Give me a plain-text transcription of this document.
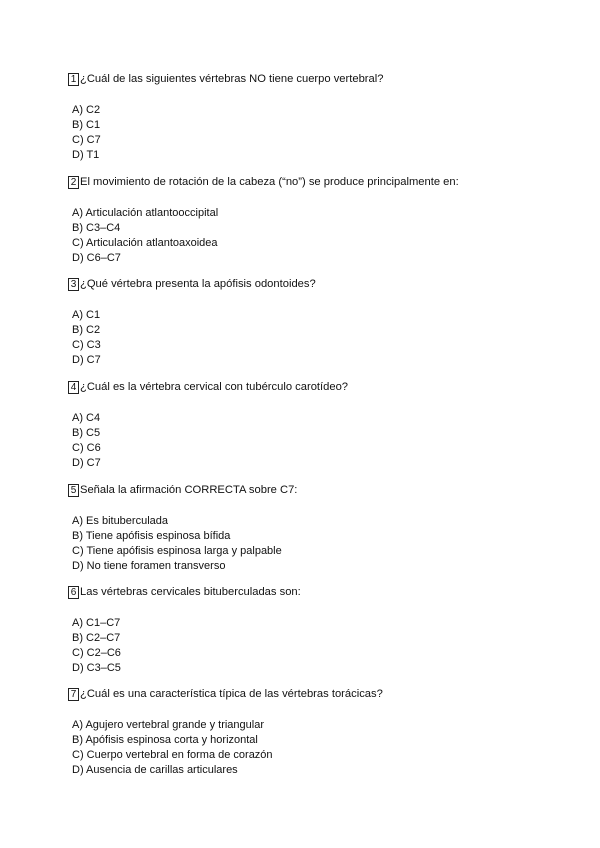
1 ¿Cuál de las siguientes vértebras NO tiene cuerpo vertebral?
A) C2
B) C1
C) C7
D) T1
2 El movimiento de rotación de la cabeza (“no”) se produce principalmente en:
A) Articulación atlantooccipital
B) C3–C4
C) Articulación atlantoaxoidea
D) C6–C7
3 ¿Qué vértebra presenta la apófisis odontoides?
A) C1
B) C2
C) C3
D) C7
4 ¿Cuál es la vértebra cervical con tubérculo carotídeo?
A) C4
B) C5
C) C6
D) C7
5 Señala la afirmación CORRECTA sobre C7:
A) Es bituberculada
B) Tiene apófisis espinosa bífida
C) Tiene apófisis espinosa larga y palpable
D) No tiene foramen transverso
6 Las vértebras cervicales bituberculadas son:
A) C1–C7
B) C2–C7
C) C2–C6
D) C3–C5
7 ¿Cuál es una característica típica de las vértebras torácicas?
A) Agujero vertebral grande y triangular
B) Apófisis espinosa corta y horizontal
C) Cuerpo vertebral en forma de corazón
D) Ausencia de carillas articulares
